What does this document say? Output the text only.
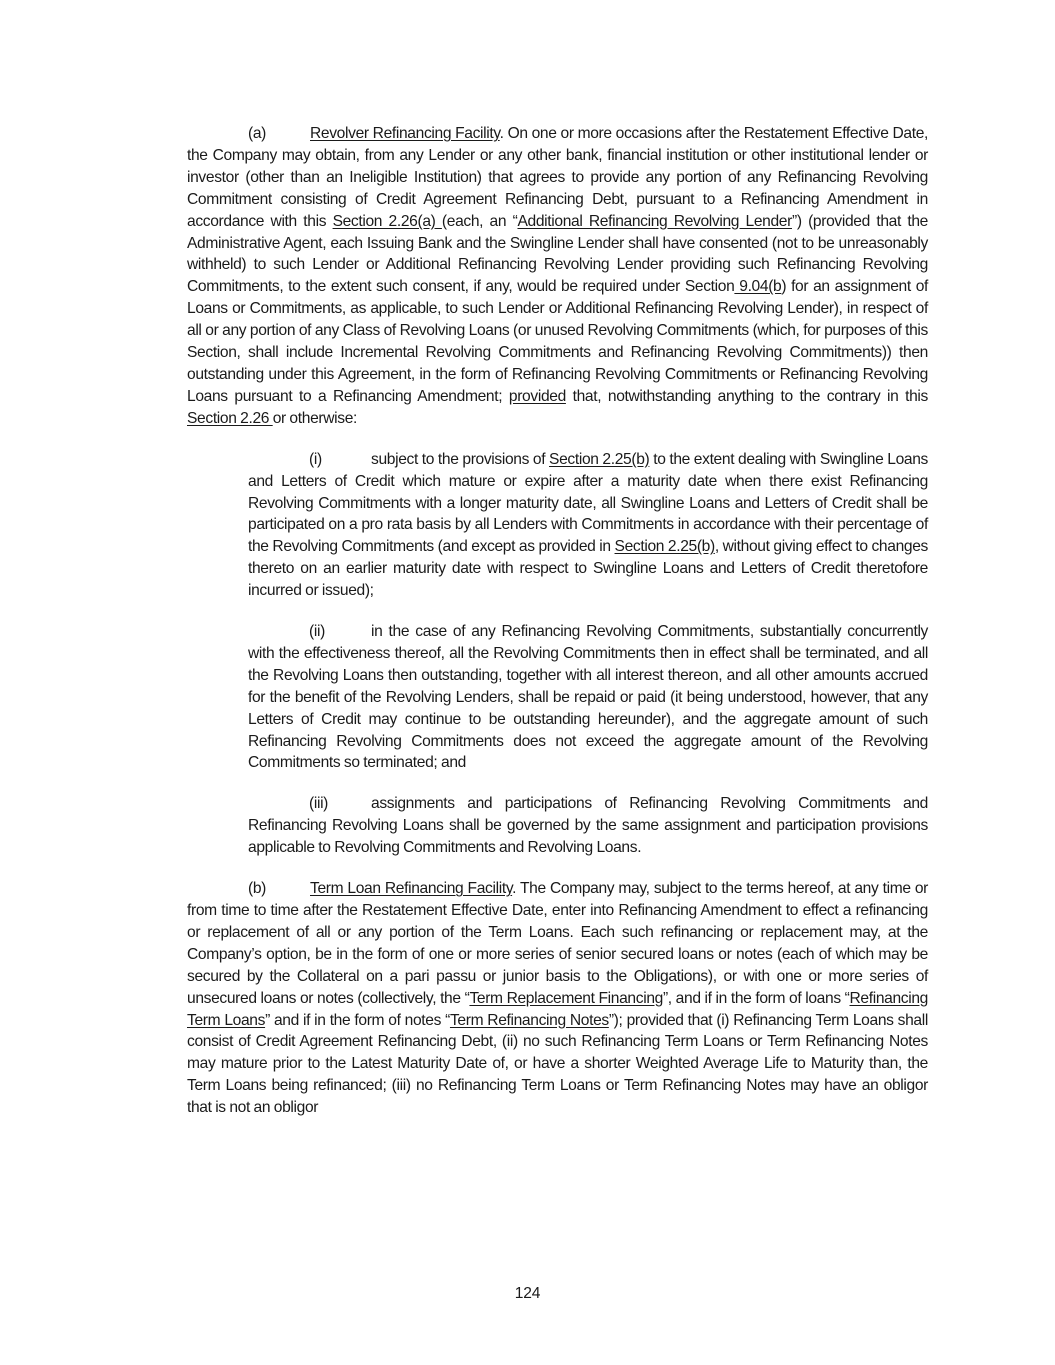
(a)	Revolver Refinancing Facility. On one or more occasions after the Restatement Effective Date, the Company may obtain, from any Lender or any other bank, financial institution or other institutional lender or investor (other than an Ineligible Institution) that agrees to provide any portion of any Refinancing Revolving Commitment consisting of Credit Agreement Refinancing Debt, pursuant to a Refinancing Amendment in accordance with this Section 2.26(a) (each, an “Additional Refinancing Revolving Lender”) (provided that the Administrative Agent, each Issuing Bank and the Swingline Lender shall have consented (not to be unreasonably withheld) to such Lender or Additional Refinancing Revolving Lender providing such Refinancing Revolving Commitments, to the extent such consent, if any, would be required under Section 9.04(b) for an assignment of Loans or Commitments, as applicable, to such Lender or Additional Refinancing Revolving Lender), in respect of all or any portion of any Class of Revolving Loans (or unused Revolving Commitments (which, for purposes of this Section, shall include Incremental Revolving Commitments and Refinancing Revolving Commitments)) then outstanding under this Agreement, in the form of Refinancing Revolving Commitments or Refinancing Revolving Loans pursuant to a Refinancing Amendment; provided that, notwithstanding anything to the contrary in this Section 2.26 or otherwise:

(i)	subject to the provisions of Section 2.25(b) to the extent dealing with Swingline Loans and Letters of Credit which mature or expire after a maturity date when there exist Refinancing Revolving Commitments with a longer maturity date, all Swingline Loans and Letters of Credit shall be participated on a pro rata basis by all Lenders with Commitments in accordance with their percentage of the Revolving Commitments (and except as provided in Section 2.25(b), without giving effect to changes thereto on an earlier maturity date with respect to Swingline Loans and Letters of Credit theretofore incurred or issued);

(ii)	in the case of any Refinancing Revolving Commitments, substantially concurrently with the effectiveness thereof, all the Revolving Commitments then in effect shall be terminated, and all the Revolving Loans then outstanding, together with all interest thereon, and all other amounts accrued for the benefit of the Revolving Lenders, shall be repaid or paid (it being understood, however, that any Letters of Credit may continue to be outstanding hereunder), and the aggregate amount of such Refinancing Revolving Commitments does not exceed the aggregate amount of the Revolving Commitments so terminated; and

(iii)	assignments and participations of Refinancing Revolving Commitments and Refinancing Revolving Loans shall be governed by the same assignment and participation provisions applicable to Revolving Commitments and Revolving Loans.

(b)	Term Loan Refinancing Facility. The Company may, subject to the terms hereof, at any time or from time to time after the Restatement Effective Date, enter into Refinancing Amendment to effect a refinancing or replacement of all or any portion of the Term Loans. Each such refinancing or replacement may, at the Company’s option, be in the form of one or more series of senior secured loans or notes (each of which may be secured by the Collateral on a pari passu or junior basis to the Obligations), or with one or more series of unsecured loans or notes (collectively, the “Term Replacement Financing”, and if in the form of loans “Refinancing Term Loans” and if in the form of notes “Term Refinancing Notes”); provided that (i) Refinancing Term Loans shall consist of Credit Agreement Refinancing Debt, (ii) no such Refinancing Term Loans or Term Refinancing Notes may mature prior to the Latest Maturity Date of, or have a shorter Weighted Average Life to Maturity than, the Term Loans being refinanced; (iii) no Refinancing Term Loans or Term Refinancing Notes may have an obligor that is not an obligor

124
